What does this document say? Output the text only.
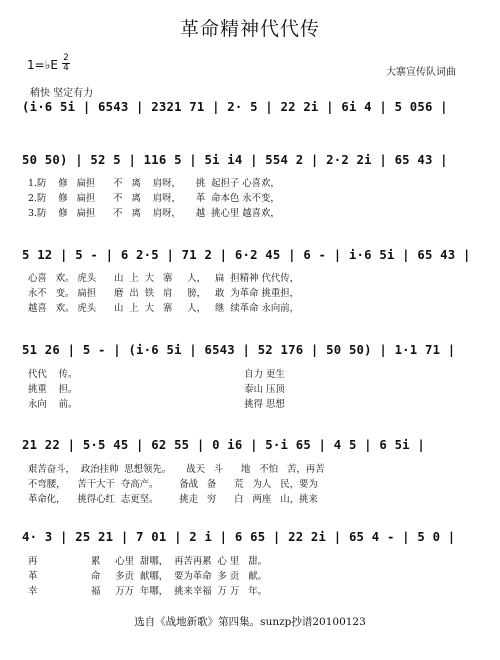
革命精神代代传
大寨宣传队词曲
1=♭E 2
4
稍快 坚定有力
(i·6 5i | 6543 | 2321 71 | 2· 5 | 22 2i | 6i 4 | 5 056 |
50 50) | 52 5 | 116 5 | 5i i4 | 554 2 | 2·2 2i | 65 43 |
1.防    修   扁担      不   离    肩呀，     挑  起担子 心喜欢，
2.防    修   扁担      不   离    肩呀，     革  命本色 永不变，
3.防    修   扁担      不   离    肩呀，     越  挑心里 越喜欢，
5 12 | 5 - | 6 2·5 | 71 2 | 6·2 45 | 6 - | i·6 5i | 65 43 |
心喜   欢。 虎头      山  上  大   寨     人，   扁  担精神 代代传，
永不   变。 扁担      磨  出  铁   肩     膀，   敢  为革命 挑重担，
越喜   欢。 虎头      山  上  大   寨     人，   继  续革命 永向前，
51 26 | 5 - | (i·6 5i | 6543 | 52 176 | 50 50) | 1·1 71 |
代代    传。                                                        自力 更生
挑重    担。                                                        泰山 压顶
永向    前。                                                        挑得 思想
21 22 | 5·5 45 | 62 55 | 0 i6 | 5·i 65 | 4 5 | 6 5i |
艰苦奋斗，  政治挂帅  思想领先。     战天   斗      地   不怕   苦，再苦
不弯腰，    苦干大干  夺高产。       备战   备      荒   为人   民，要为
革命化，    挑得心红  志更坚。       挑走   穷      白   两座   山，挑来
4· 3 | 25 21 | 7 01 | 2 i | 6 65 | 22 2i | 65 4 - | 5 0 |
再                  累     心里  甜哪，  再苦再累  心 里   甜。
革                  命     多贡  献哪，  要为革命  多 贡   献。
幸                  福     万万  年哪，  挑来幸福  万 万   年。
选自《战地新歌》第四集。sunzp抄谱20100123
